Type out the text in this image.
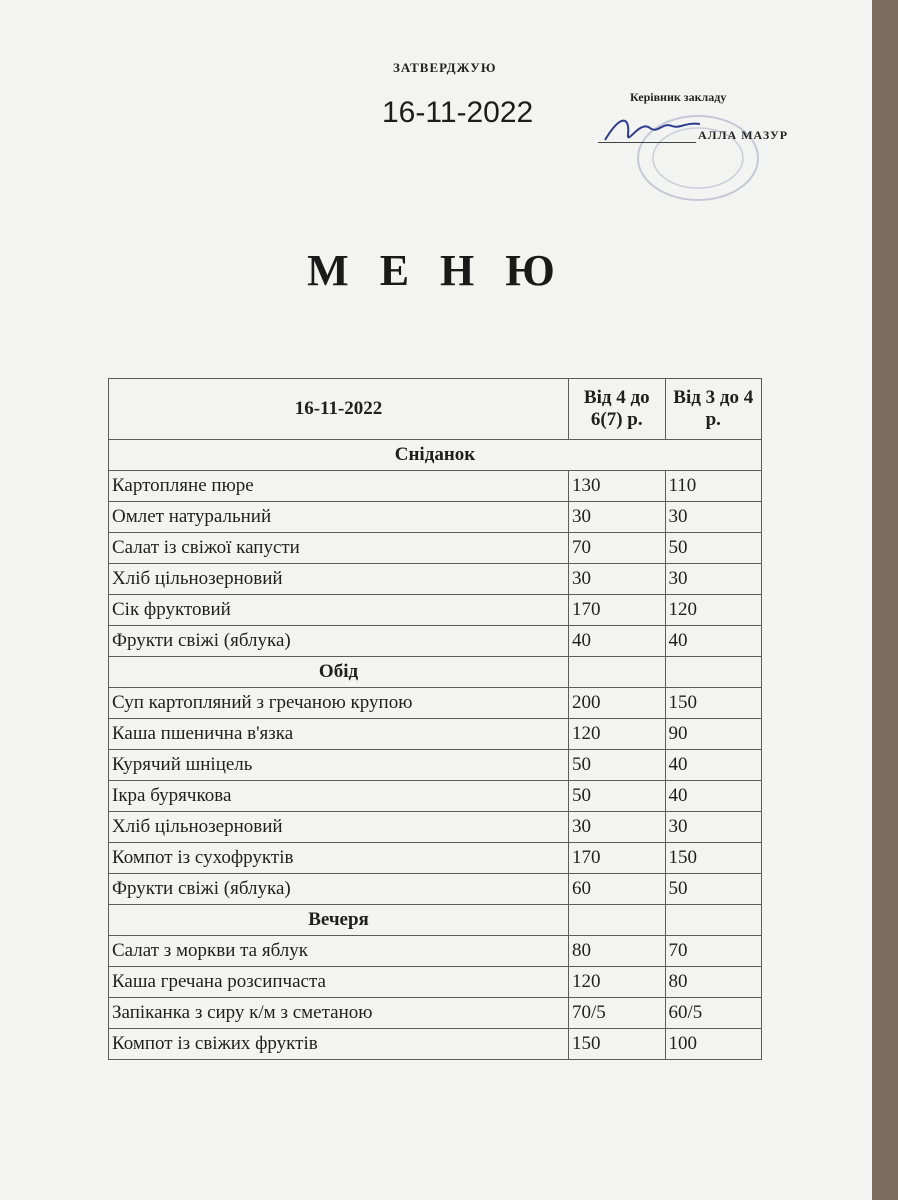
ЗАТВЕРДЖУЮ
16-11-2022	Керівник закладу
АЛЛА МАЗУР
М Е Н Ю
16-11-2022	Від 4 до 6(7) р.	Від 3 до 4 р.
Сніданок		
Картопляне пюре	130	110
Омлет натуральний	30	30
Салат із свіжої капусти	70	50
Хліб цільнозерновий	30	30
Сік фруктовий	170	120
Фрукти свіжі (яблука)	40	40
Обід		
Суп картопляний з гречаною крупою	200	150
Каша пшенична в'язка	120	90
Курячий шніцель	50	40
Ікра бурячкова	50	40
Хліб цільнозерновий	30	30
Компот із сухофруктів	170	150
Фрукти свіжі (яблука)	60	50
Вечеря		
Салат з моркви та яблук	80	70
Каша гречана розсипчаста	120	80
Запіканка з сиру к/м з сметаною	70/5	60/5
Компот із свіжих фруктів	150	100
